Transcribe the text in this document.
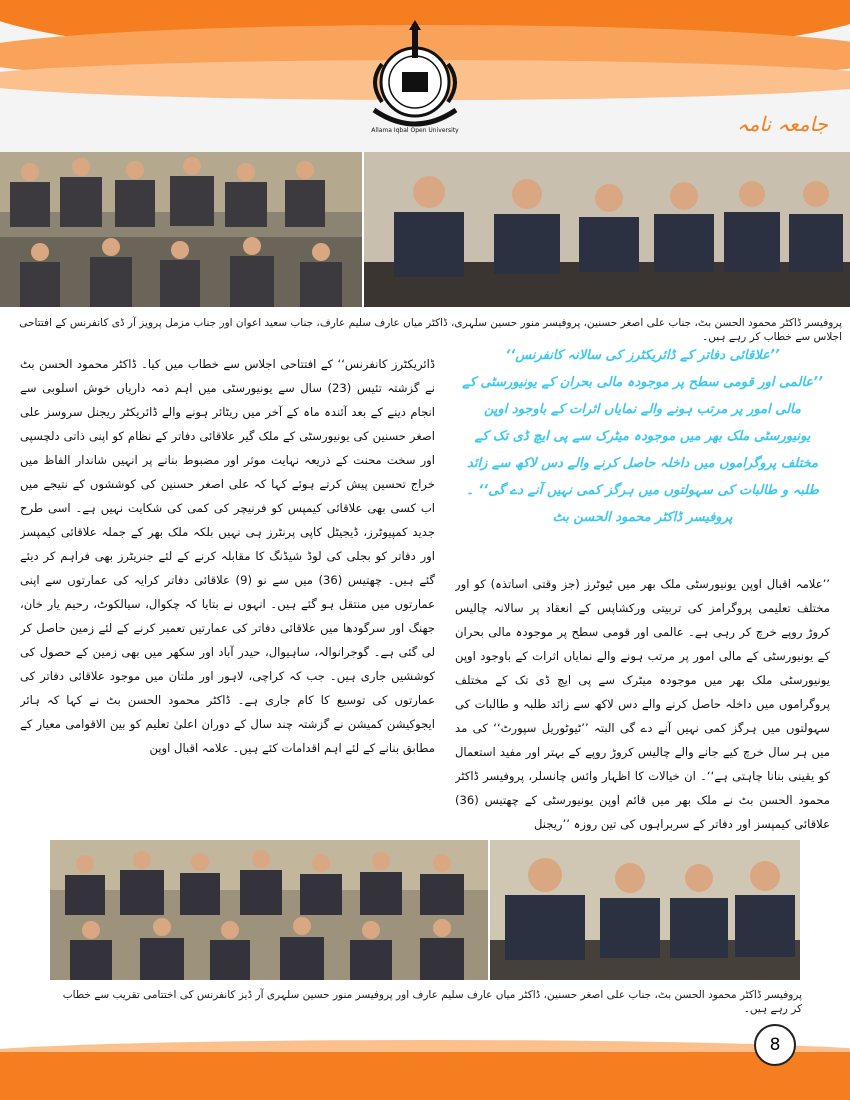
Allama Iqbal Open University	جامعہ نامہ
پروفیسر ڈاکٹر محمود الحسن بٹ، جناب علی اصغر حسنین، پروفیسر منور حسین سلہری، ڈاکٹر میاں عارف سلیم عارف، جناب سعید اعوان اور جناب مزمل پرویز آر ڈی کانفرنس کے افتتاحی اجلاس سے خطاب کر رہے ہیں۔

’’علاقائی دفاتر کے ڈائریکٹرز کی سالانہ کانفرنس‘‘

’’عالمی اور قومی سطح پر موجودہ مالی بحران کے یونیورسٹی کے مالی امور پر مرتب ہونے والے نمایاں اثرات کے باوجود اوپن یونیورسٹی ملک بھر میں موجودہ میٹرک سے پی ایچ ڈی تک کے مختلف پروگراموں میں داخلہ حاصل کرنے والے دس لاکھ سے زائد طلبہ و طالبات کی سہولتوں میں ہرگز کمی نہیں آنے دے گی‘‘ ۔ پروفیسر ڈاکٹر محمود الحسن بٹ

’’علامہ اقبال اوپن یونیورسٹی ملک بھر میں ٹیوٹرز (جز وقتی اساتذہ) کو اور مختلف تعلیمی پروگرامز کی تربیتی ورکشاپس کے انعقاد پر سالانہ چالیس کروڑ روپے خرچ کر رہی ہے۔ عالمی اور قومی سطح پر موجودہ مالی بحران کے یونیورسٹی کے مالی امور پر مرتب ہونے والے نمایاں اثرات کے باوجود اوپن یونیورسٹی ملک بھر میں موجودہ میٹرک سے پی ایچ ڈی تک کے مختلف پروگراموں میں داخلہ حاصل کرنے والے دس لاکھ سے زائد طلبہ و طالبات کی سہولتوں میں ہرگز کمی نہیں آنے دے گی البتہ ’’ٹیوٹوریل سپورٹ‘‘ کی مد میں ہر سال خرچ کیے جانے والے چالیس کروڑ روپے کے بہتر اور مفید استعمال کو یقینی بنانا چاہتی ہے‘‘۔ ان خیالات کا اظہار وائس چانسلر، پروفیسر ڈاکٹر محمود الحسن بٹ نے ملک بھر میں قائم اوپن یونیورسٹی کے چھتیس (36) علاقائی کیمپسز اور دفاتر کے سربراہوں کی تین روزہ ’’ریجنل

ڈائریکٹرز کانفرنس‘‘ کے افتتاحی اجلاس سے خطاب میں کیا۔ ڈاکٹر محمود الحسن بٹ نے گزشتہ تئیس (23) سال سے یونیورسٹی میں اہم ذمہ داریاں خوش اسلوبی سے انجام دینے کے بعد آئندہ ماہ کے آخر میں ریٹائر ہونے والے ڈائریکٹر ریجنل سروسز علی اصغر حسنین کی یونیورسٹی کے ملک گیر علاقائی دفاتر کے نظام کو اپنی ذاتی دلچسپی اور سخت محنت کے ذریعہ نہایت موثر اور مضبوط بنانے پر انہیں شاندار الفاظ میں خراج تحسین پیش کرتے ہوئے کہا کہ علی اصغر حسنین کی کوششوں کے نتیجے میں اب کسی بھی علاقائی کیمپس کو فرنیچر کی کمی کی شکایت نہیں ہے۔ اسی طرح جدید کمپیوٹرز، ڈیجیٹل کاپی پرنٹرز ہی نہیں بلکہ ملک بھر کے جملہ علاقائی کیمپسز اور دفاتر کو بجلی کی لوڈ شیڈنگ کا مقابلہ کرنے کے لئے جنریٹرز بھی فراہم کر دیئے گئے ہیں۔ چھتیس (36) میں سے نو (9) علاقائی دفاتر کرایہ کی عمارتوں سے اپنی عمارتوں میں منتقل ہو گئے ہیں۔ انہوں نے بتایا کہ چکوال، سیالکوٹ، رحیم یار خان، جھنگ اور سرگودھا میں علاقائی دفاتر کی عمارتیں تعمیر کرنے کے لئے زمین حاصل کر لی گئی ہے۔ گوجرانوالہ، ساہیوال، حیدر آباد اور سکھر میں بھی زمین کے حصول کی کوششیں جاری ہیں۔ جب کہ کراچی، لاہور اور ملتان میں موجود علاقائی دفاتر کی عمارتوں کی توسیع کا کام جاری ہے۔ ڈاکٹر محمود الحسن بٹ نے کہا کہ ہائر ایجوکیشن کمیشن نے گزشتہ چند سال کے دوران اعلیٰ تعلیم کو بین الاقوامی معیار کے مطابق بنانے کے لئے اہم اقدامات کئے ہیں۔ علامہ اقبال اوپن

پروفیسر ڈاکٹر محمود الحسن بٹ، جناب علی اصغر حسنین، ڈاکٹر میاں عارف سلیم عارف اور پروفیسر منور حسین سلہری آر ڈیز کانفرنس کی اختتامی تقریب سے خطاب کر رہے ہیں۔
8
